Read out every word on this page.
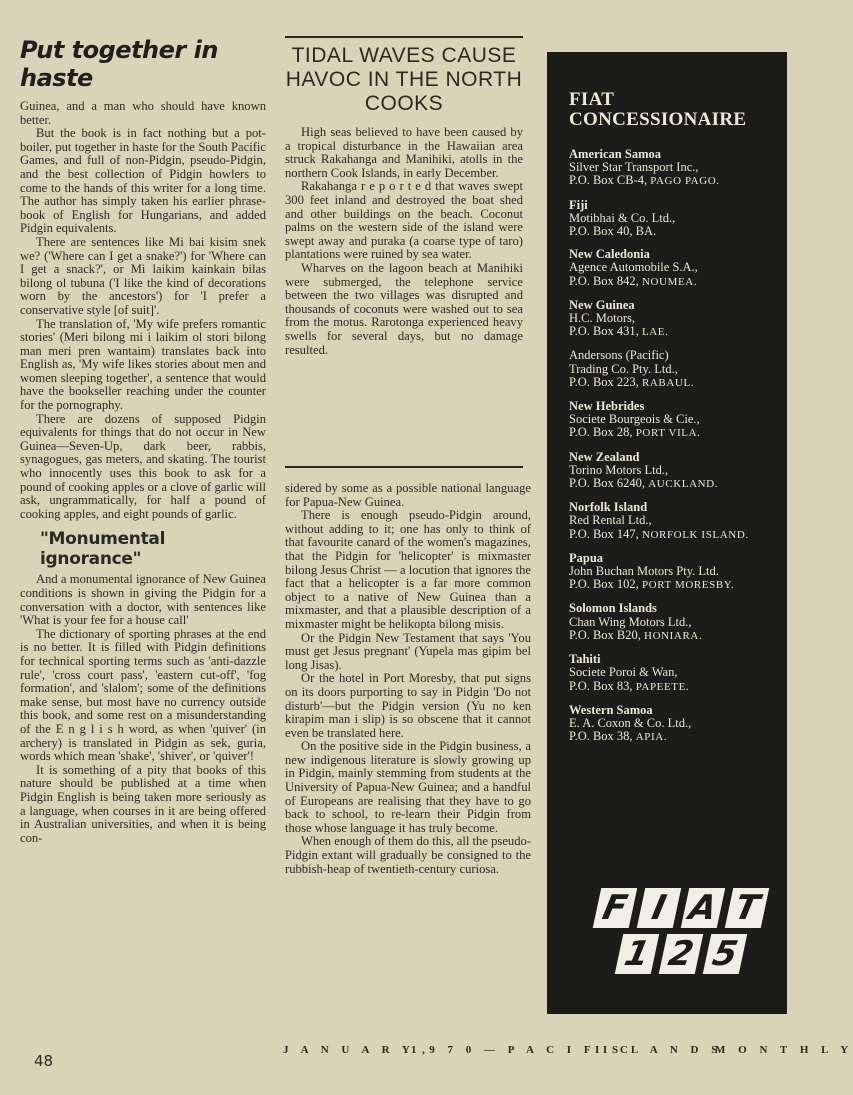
Put together in haste

Guinea, and a man who should have known better.

But the book is in fact nothing but a pot-boiler, put together in haste for the South Pacific Games, and full of non-Pidgin, pseudo-Pidgin, and the best collection of Pidgin howlers to come to the hands of this writer for a long time. The author has simply taken his earlier phrase-book of English for Hungarians, and added Pidgin equivalents.

There are sentences like Mi bai kisim snek we? ('Where can I get a snake?') for 'Where can I get a snack?', or Mi laikim kainkain bilas bilong ol tubuna ('I like the kind of decorations worn by the ancestors') for 'I prefer a conservative style [of suit]'.

The translation of, 'My wife prefers romantic stories' (Meri bilong mi i laikim ol stori bilong man meri pren wantaim) translates back into English as, 'My wife likes stories about men and women sleeping together', a sentence that would have the bookseller reaching under the counter for the pornography.

There are dozens of supposed Pidgin equivalents for things that do not occur in New Guinea—Seven-Up, dark beer, rabbis, synagogues, gas meters, and skating. The tourist who innocently uses this book to ask for a pound of cooking apples or a clove of garlic will ask, ungrammatically, for half a pound of cooking apples, and eight pounds of garlic.

"Monumental ignorance"

And a monumental ignorance of New Guinea conditions is shown in giving the Pidgin for a conversation with a doctor, with sentences like 'What is your fee for a house call'

The dictionary of sporting phrases at the end is no better. It is filled with Pidgin definitions for technical sporting terms such as 'anti-dazzle rule', 'cross court pass', 'eastern cut-off', 'fog formation', and 'slalom'; some of the definitions make sense, but most have no currency outside this book, and some rest on a misunderstanding of the E n g l i s h word, as when 'quiver' (in archery) is translated in Pidgin as sek, guria, words which mean 'shake', 'shiver', or 'quiver'!

It is something of a pity that books of this nature should be published at a time when Pidgin English is being taken more seriously as a language, when courses in it are being offered in Australian universities, and when it is being con-

TIDAL WAVES CAUSE HAVOC IN THE NORTH COOKS

High seas believed to have been caused by a tropical disturbance in the Hawaiian area struck Rakahanga and Manihiki, atolls in the northern Cook Islands, in early December.

Rakahanga r e p o r t e d that waves swept 300 feet inland and destroyed the boat shed and other buildings on the beach. Coconut palms on the western side of the island were swept away and puraka (a coarse type of taro) plantations were ruined by sea water.

Wharves on the lagoon beach at Manihiki were submerged, the telephone service between the two villages was disrupted and thousands of coconuts were washed out to sea from the motus. Rarotonga experienced heavy swells for several days, but no damage resulted.

sidered by some as a possible national language for Papua-New Guinea.

There is enough pseudo-Pidgin around, without adding to it; one has only to think of that favourite canard of the women's magazines, that the Pidgin for 'helicopter' is mixmaster bilong Jesus Christ — a locution that ignores the fact that a helicopter is a far more common object to a native of New Guinea than a mixmaster, and that a plausible description of a mixmaster might be helikopta bilong misis.

Or the Pidgin New Testament that says 'You must get Jesus pregnant' (Yupela mas gipim bel long Jisas).

Or the hotel in Port Moresby, that put signs on its doors purporting to say in Pidgin 'Do not disturb'—but the Pidgin version (Yu no ken kirapim man i slip) is so obscene that it cannot even be translated here.

On the positive side in the Pidgin business, a new indigenous literature is slowly growing up in Pidgin, mainly stemming from students at the University of Papua-New Guinea; and a handful of Europeans are realising that they have to go back to school, to re-learn their Pidgin from those whose language it has truly become.

When enough of them do this, all the pseudo-Pidgin extant will gradually be consigned to the rubbish-heap of twentieth-century curiosa.

FIAT
CONCESSIONAIRE
American Samoa
Silver Star Transport Inc.,
P.O. Box CB-4, PAGO PAGO.
Fiji
Motibhai & Co. Ltd.,
P.O. Box 40, BA.
New Caledonia
Agence Automobile S.A.,
P.O. Box 842, NOUMEA.
New Guinea
H.C. Motors,
P.O. Box 431, LAE.
Andersons (Pacific)
Trading Co. Pty. Ltd.,
P.O. Box 223, RABAUL.
New Hebrides
Societe Bourgeois & Cie.,
P.O. Box 28, PORT VILA.
New Zealand
Torino Motors Ltd.,
P.O. Box 6240, AUCKLAND.
Norfolk Island
Red Rental Ltd.,
P.O. Box 147, NORFOLK ISLAND.
Papua
John Buchan Motors Pty. Ltd.
P.O. Box 102, PORT MORESBY.
Solomon Islands
Chan Wing Motors Ltd.,
P.O. Box B20, HONIARA.
Tahiti
Societe Poroi & Wan,
P.O. Box 83, PAPEETE.
Western Samoa
E. A. Coxon & Co. Ltd.,
P.O. Box 38, APIA.
F I A T
1 2 5
48
J A N U A R Y ,
1 9 7 0 — P A C I F I C
I S L A N D S
M O N T H L Y
